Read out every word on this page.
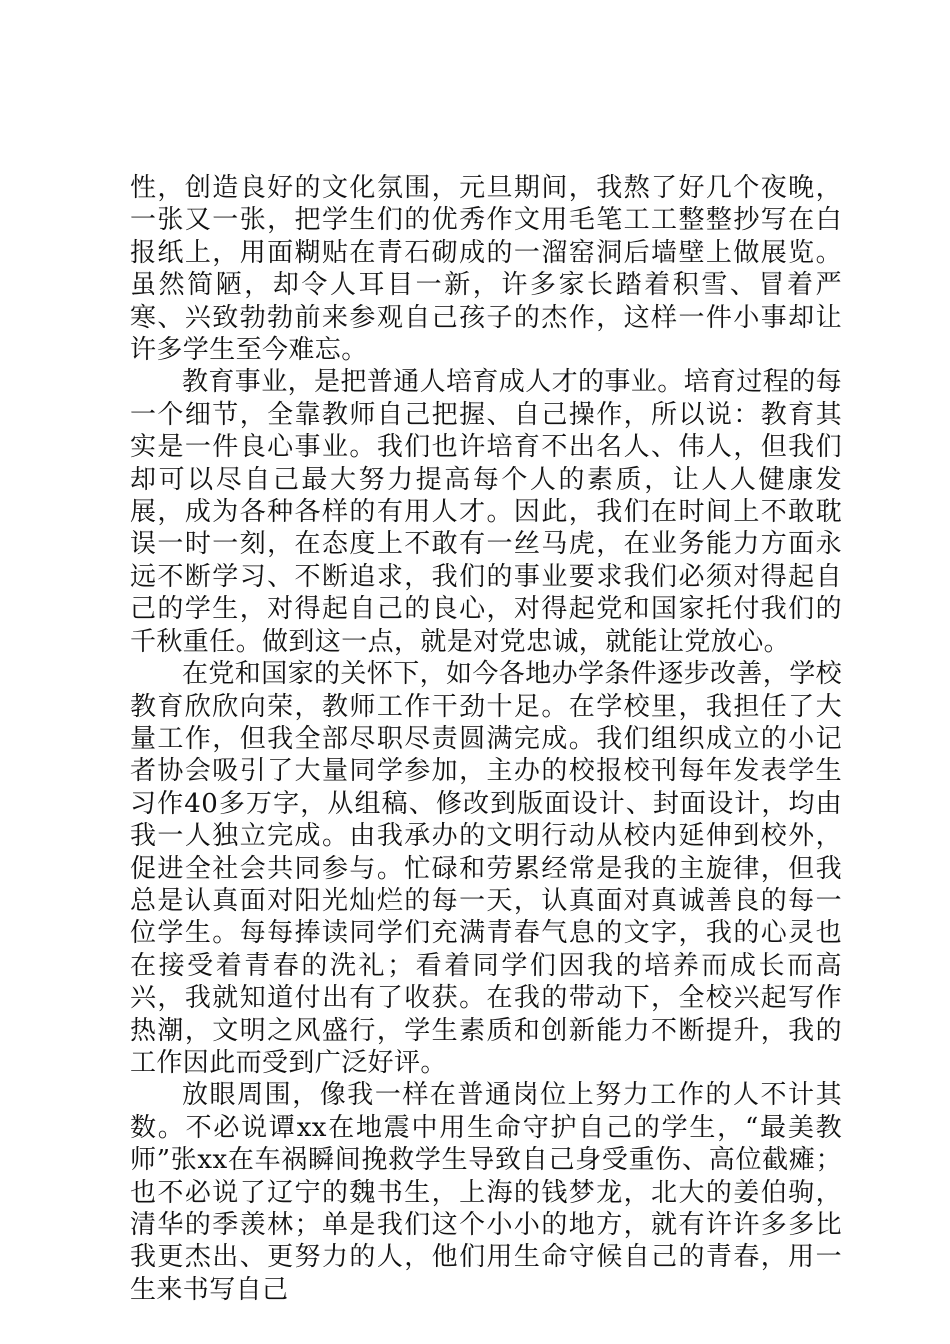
性，创造良好的文化氛围，元旦期间，我熬了好几个夜晚，一张又一张，把学生们的优秀作文用毛笔工工整整抄写在白报纸上，用面糊贴在青石砌成的一溜窑洞后墙壁上做展览。虽然简陋，却令人耳目一新，许多家长踏着积雪、冒着严寒、兴致勃勃前来参观自己孩子的杰作，这样一件小事却让许多学生至今难忘。

教育事业，是把普通人培育成人才的事业。培育过程的每一个细节，全靠教师自己把握、自己操作，所以说：教育其实是一件良心事业。我们也许培育不出名人、伟人，但我们却可以尽自己最大努力提高每个人的素质，让人人健康发展，成为各种各样的有用人才。因此，我们在时间上不敢耽误一时一刻，在态度上不敢有一丝马虎，在业务能力方面永远不断学习、不断追求，我们的事业要求我们必须对得起自己的学生，对得起自己的良心，对得起党和国家托付我们的千秋重任。做到这一点，就是对党忠诚，就能让党放心。

在党和国家的关怀下，如今各地办学条件逐步改善，学校教育欣欣向荣，教师工作干劲十足。在学校里，我担任了大量工作，但我全部尽职尽责圆满完成。我们组织成立的小记者协会吸引了大量同学参加，主办的校报校刊每年发表学生习作40多万字，从组稿、修改到版面设计、封面设计，均由我一人独立完成。由我承办的文明行动从校内延伸到校外，促进全社会共同参与。忙碌和劳累经常是我的主旋律，但我总是认真面对阳光灿烂的每一天，认真面对真诚善良的每一位学生。每每捧读同学们充满青春气息的文字，我的心灵也在接受着青春的洗礼；看着同学们因我的培养而成长而高兴，我就知道付出有了收获。在我的带动下，全校兴起写作热潮，文明之风盛行，学生素质和创新能力不断提升，我的工作因此而受到广泛好评。

放眼周围，像我一样在普通岗位上努力工作的人不计其数。不必说谭xx在地震中用生命守护自己的学生，“最美教师”张xx在车祸瞬间挽救学生导致自己身受重伤、高位截瘫；也不必说了辽宁的魏书生，上海的钱梦龙，北大的姜伯驹，清华的季羡林；单是我们这个小小的地方，就有许许多多比我更杰出、更努力的人，他们用生命守候自己的青春，用一生来书写自己
